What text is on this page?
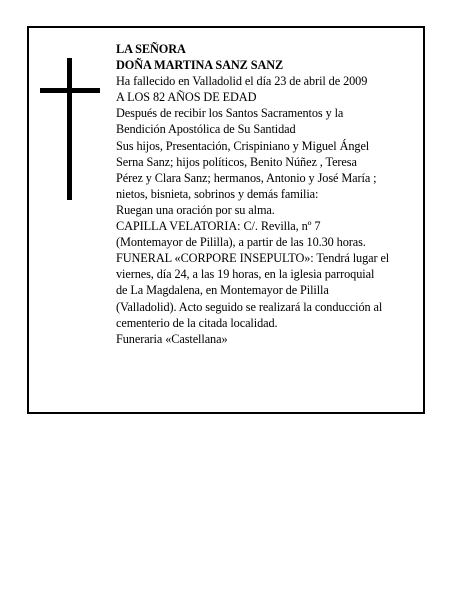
LA SEÑORA
DOÑA MARTINA SANZ SANZ
Ha fallecido en Valladolid el día 23 de abril de 2009
A LOS 82 AÑOS DE EDAD
Después de recibir los Santos Sacramentos y la
Bendición Apostólica de Su Santidad
Sus hijos, Presentación, Crispiniano y Miguel Ángel
Serna Sanz; hijos políticos, Benito Núñez , Teresa
Pérez y Clara Sanz; hermanos, Antonio y José María ;
nietos, bisnieta, sobrinos y demás familia:
Ruegan una oración por su alma.
CAPILLA VELATORIA: C/. Revilla, nº 7
(Montemayor de Pililla), a partir de las 10.30 horas.
FUNERAL «CORPORE INSEPULTO»: Tendrá lugar el
viernes, día 24, a las 19 horas, en la iglesia parroquial
de La Magdalena, en Montemayor de Pililla
(Valladolid). Acto seguido se realizará la conducción al
cementerio de la citada localidad.
Funeraria «Castellana»
